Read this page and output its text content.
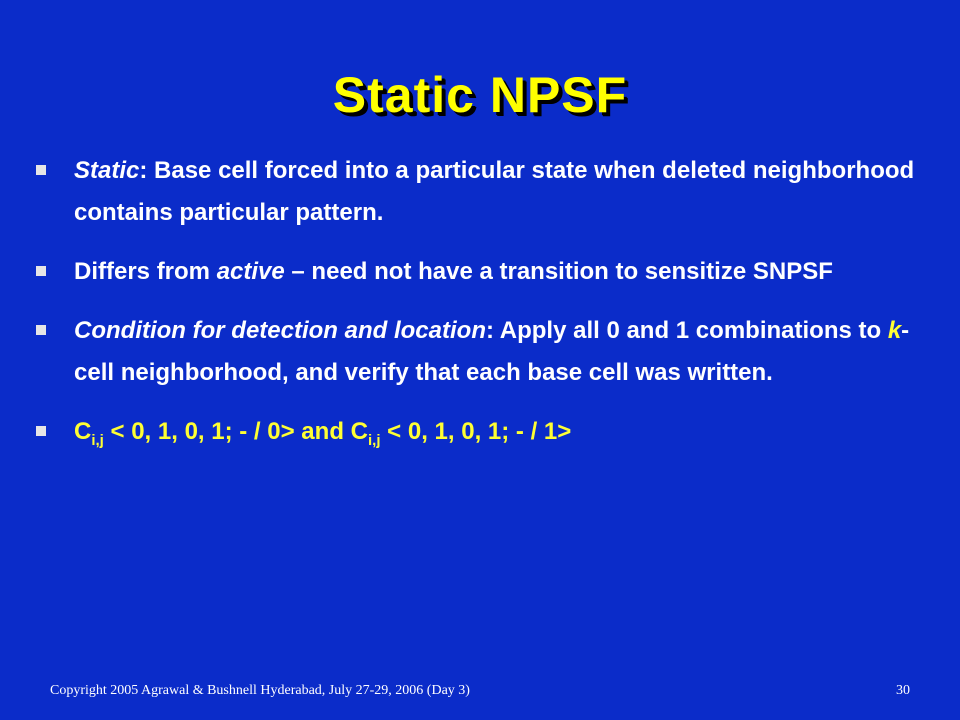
Static NPSF
Static: Base cell forced into a particular state when deleted neighborhood contains particular pattern.
Differs from active – need not have a transition to sensitize SNPSF
Condition for detection and location: Apply all 0 and 1 combinations to k-cell neighborhood, and verify that each base cell was written.
$C_{i,j} < 0$, 1, 0, 1; - / 0> and $C_{i,j} < 0$, 1, 0, 1; - / 1>
Copyright 2005 Agrawal & Bushnell Hyderabad, July 27-29, 2006 (Day 3)	30
